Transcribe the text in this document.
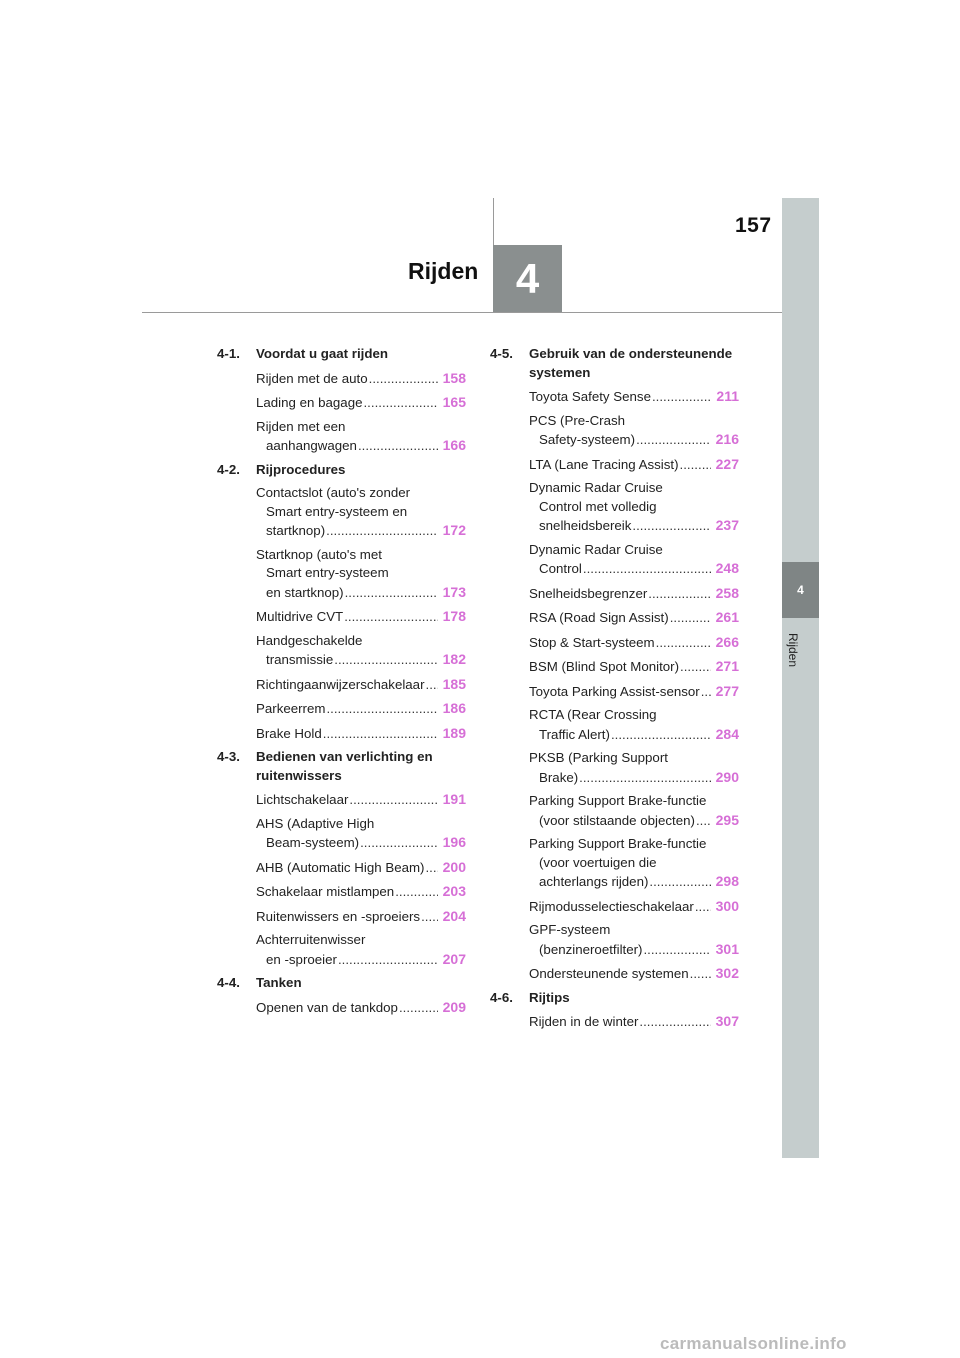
157
Rijden 4
4
Rijden
4-1. Voordat u gaat rijden
Rijden met de auto .....	158
Lading en bagage .....	165
Rijden met een
aanhangwagen .....	166
4-2. Rijprocedures
Contactslot (auto's zonder
Smart entry-systeem en
startknop) .....	172
Startknop (auto's met
Smart entry-systeem
en startknop) .....	173
Multidrive CVT .....	178
Handgeschakelde
transmissie .....	182
Richtingaanwijzerschakelaar ..... 185
Parkeerrem .....	186
Brake Hold .....	189
4-3. Bedienen van verlichting en ruitenwissers
Lichtschakelaar .....	191
AHS (Adaptive High
Beam-systeem) .....	196
AHB (Automatic High Beam) ..... 200
Schakelaar mistlampen .....	203
Ruitenwissers en -sproeiers ..... 204
Achterruitenwisser
en -sproeier .....	207
4-4. Tanken
Openen van de tankdop .....	209
4-5. Gebruik van de ondersteunende systemen
Toyota Safety Sense .....	211
PCS (Pre-Crash
Safety-systeem) .....	216
LTA (Lane Tracing Assist) .....	227
Dynamic Radar Cruise
Control met volledig
snelheidsbereik .....	237
Dynamic Radar Cruise
Control .....	248
Snelheidsbegrenzer .....	258
RSA (Road Sign Assist) .....	261
Stop & Start-systeem .....	266
BSM (Blind Spot Monitor) .....	271
Toyota Parking Assist-sensor ..... 277
RCTA (Rear Crossing
Traffic Alert) .....	284
PKSB (Parking Support
Brake) .....	290
Parking Support Brake-functie
(voor stilstaande objecten) ..... 295
Parking Support Brake-functie
(voor voertuigen die
achterlangs rijden) .....	298
Rijmodusselectieschakelaar ..... 300
GPF-systeem
(benzineroetfilter) .....	301
Ondersteunende systemen ..... 302
4-6. Rijtips
Rijden in de winter .....	307
carmanualsonline.info
